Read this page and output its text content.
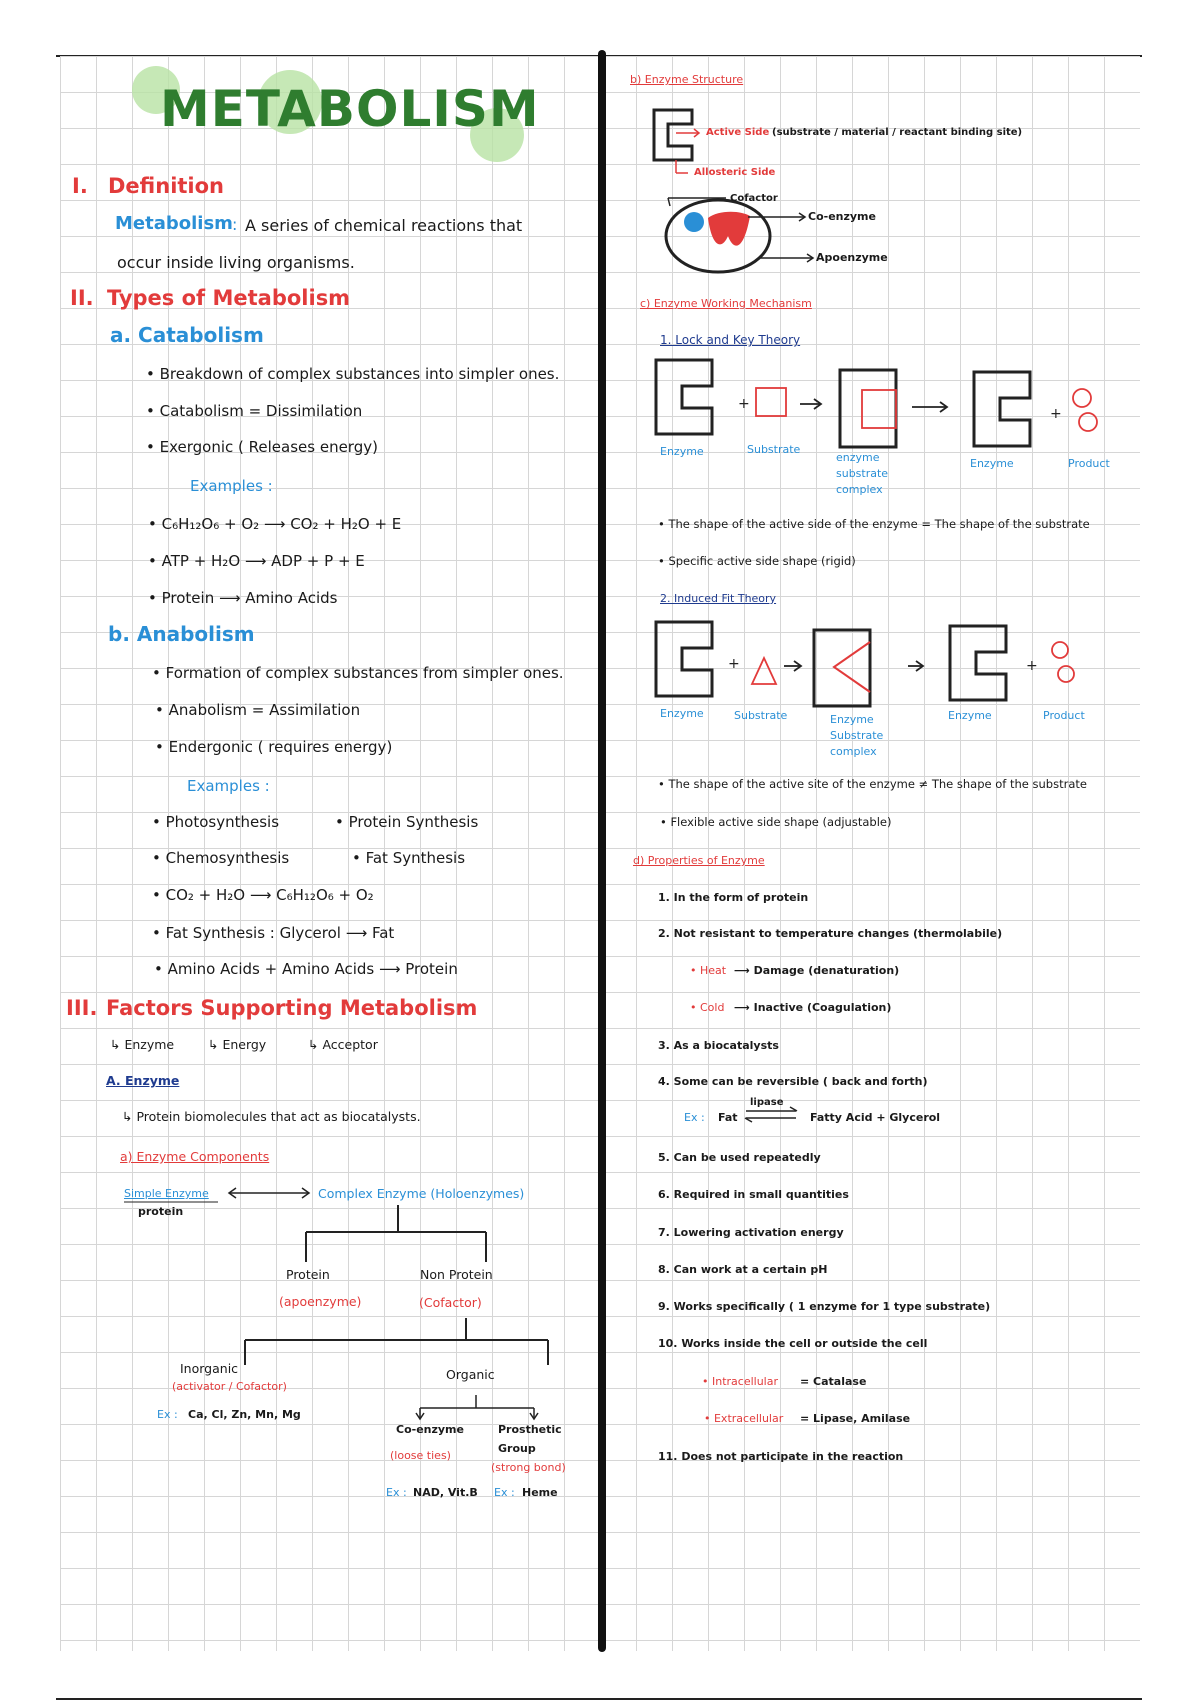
METABOLISM
I. Definition
Metabolism : A series of chemical reactions that
occur inside living organisms.
II. Types of Metabolism
a. Catabolism
• Breakdown of complex substances into simpler ones.
• Catabolism = Dissimilation
• Exergonic ( Releases energy)
Examples :
• C₆H₁₂O₆ + O₂ ⟶ CO₂ + H₂O + E
• ATP + H₂O ⟶ ADP + P + E
• Protein ⟶ Amino Acids
b. Anabolism
• Formation of complex substances from simpler ones.
• Anabolism = Assimilation
• Endergonic ( requires energy)
Examples :
• Photosynthesis	• Protein Synthesis
• Chemosynthesis	• Fat Synthesis
• CO₂ + H₂O ⟶ C₆H₁₂O₆ + O₂
• Fat Synthesis : Glycerol ⟶ Fat
• Amino Acids + Amino Acids ⟶ Protein
III. Factors Supporting Metabolism
↳ Enzyme	↳ Energy	↳ Acceptor
A. Enzyme
↳ Protein biomolecules that act as biocatalysts.
a) Enzyme Components
Simple Enzyme
protein
Complex Enzyme (Holoenzymes)
Protein
(apoenzyme)
Non Protein
(Cofactor)
Inorganic
(activator / Cofactor)
Ex : Ca, Cl, Zn, Mn, Mg
Organic
Co-enzyme
(loose ties)
Ex : NAD, Vit.B
Prosthetic
Group
(strong bond)
Ex : Heme
b) Enzyme Structure
Active Side (substrate / material / reactant binding site)
Allosteric Side
Cofactor
Co-enzyme
Apoenzyme
c) Enzyme Working Mechanism
1. Lock and Key Theory
+
+
Enzyme	Substrate
enzyme
substrate
complex
Enzyme	Product
• The shape of the active side of the enzyme = The shape of the substrate
• Specific active side shape (rigid)
2. Induced Fit Theory
+	+
Enzyme	Substrate	Enzyme
Substrate
complex
Enzyme	Product
• The shape of the active site of the enzyme ≠ The shape of the substrate
• Flexible active side shape (adjustable)
d) Properties of Enzyme
1. In the form of protein
2. Not resistant to temperature changes (thermolabile)
• Heat ⟶ Damage (denaturation)
• Cold ⟶ Inactive (Coagulation)
3. As a biocatalysts
4. Some can be reversible ( back and forth)
Ex : Fat
lipase
Fatty Acid + Glycerol
5. Can be used repeatedly
6. Required in small quantities
7. Lowering activation energy
8. Can work at a certain pH
9. Works specifically ( 1 enzyme for 1 type substrate)
10. Works inside the cell or outside the cell
• Intracellular = Catalase
• Extracellular = Lipase, Amilase
11. Does not participate in the reaction
